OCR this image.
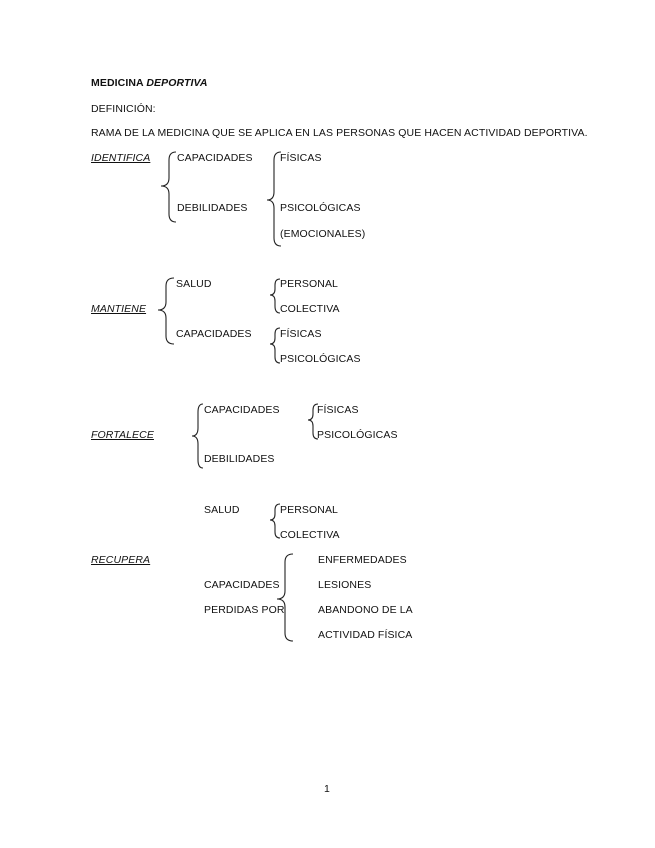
MEDICINA DEPORTIVA
DEFINICIÓN:
RAMA DE LA MEDICINA QUE SE APLICA EN LAS PERSONAS QUE HACEN ACTIVIDAD DEPORTIVA.
IDENTIFICA	CAPACIDADES
DEBILIDADES
FÍSICAS
PSICOLÓGICAS
(EMOCIONALES)
MANTIENE
SALUD
CAPACIDADES
PERSONAL
COLECTIVA
FÍSICAS
PSICOLÓGICAS
FORTALECE
CAPACIDADES
DEBILIDADES
FÍSICAS
PSICOLÓGICAS
SALUD	PERSONAL
COLECTIVA
RECUPERA
CAPACIDADES
PERDIDAS POR
ENFERMEDADES
LESIONES
ABANDONO DE LA
ACTIVIDAD FÍSICA
1
